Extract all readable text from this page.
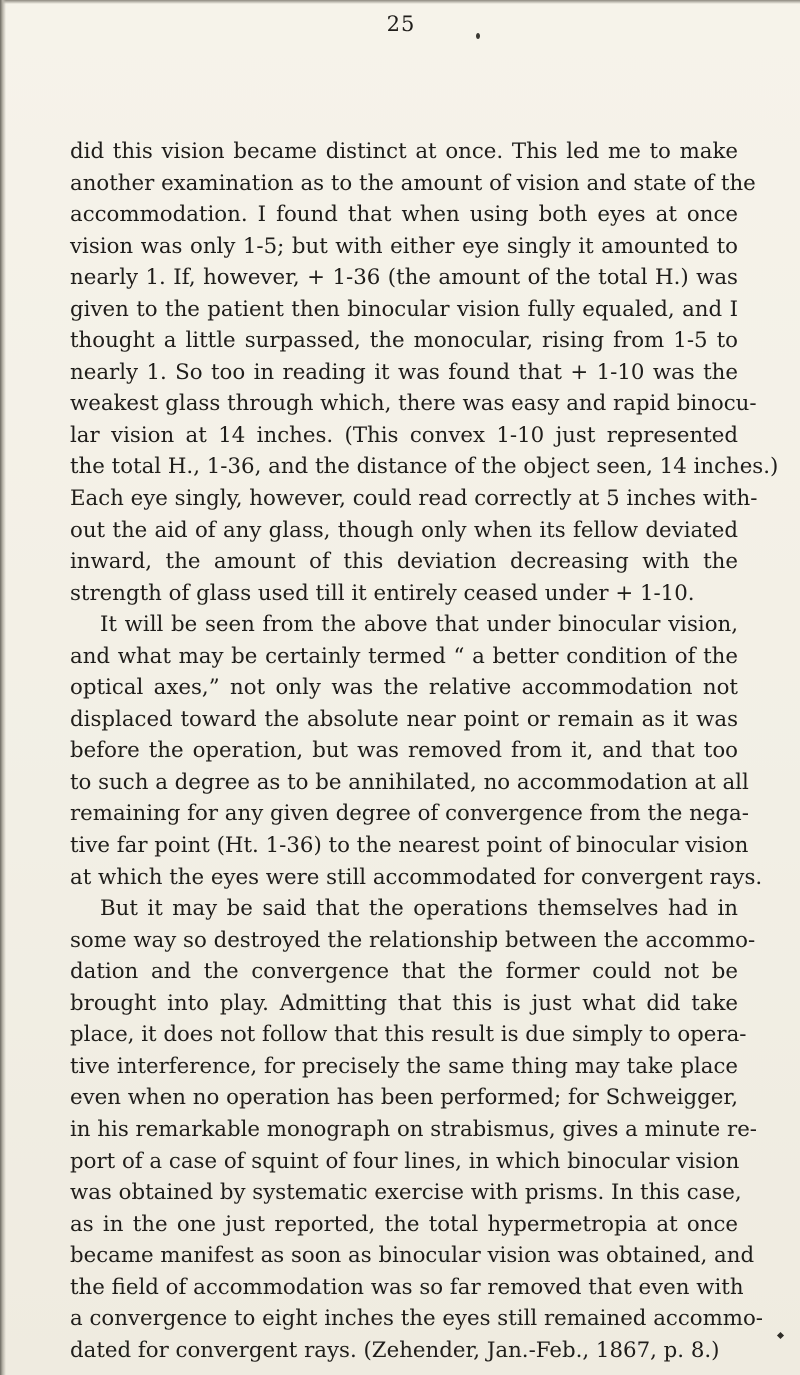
25
did this vision became distinct at once. This led me to make
another examination as to the amount of vision and state of the
accommodation. I found that when using both eyes at once
vision was only 1-5; but with either eye singly it amounted to
nearly 1. If, however, + 1-36 (the amount of the total H.) was
given to the patient then binocular vision fully equaled, and I
thought a little surpassed, the monocular, rising from 1-5 to
nearly 1. So too in reading it was found that + 1-10 was the
weakest glass through which, there was easy and rapid binocu-
lar vision at 14 inches. (This convex 1-10 just represented
the total H., 1-36, and the distance of the object seen, 14 inches.)
Each eye singly, however, could read correctly at 5 inches with-
out the aid of any glass, though only when its fellow deviated
inward, the amount of this deviation decreasing with the
strength of glass used till it entirely ceased under + 1-10.
It will be seen from the above that under binocular vision,
and what may be certainly termed “ a better condition of the
optical axes,” not only was the relative accommodation not
displaced toward the absolute near point or remain as it was
before the operation, but was removed from it, and that too
to such a degree as to be annihilated, no accommodation at all
remaining for any given degree of convergence from the nega-
tive far point (Ht. 1-36) to the nearest point of binocular vision
at which the eyes were still accommodated for convergent rays.
But it may be said that the operations themselves had in
some way so destroyed the relationship between the accommo-
dation and the convergence that the former could not be
brought into play. Admitting that this is just what did take
place, it does not follow that this result is due simply to opera-
tive interference, for precisely the same thing may take place
even when no operation has been performed; for Schweigger,
in his remarkable monograph on strabismus, gives a minute re-
port of a case of squint of four lines, in which binocular vision
was obtained by systematic exercise with prisms. In this case,
as in the one just reported, the total hypermetropia at once
became manifest as soon as binocular vision was obtained, and
the field of accommodation was so far removed that even with
a convergence to eight inches the eyes still remained accommo-
dated for convergent rays. (Zehender, Jan.-Feb., 1867, p. 8.)
